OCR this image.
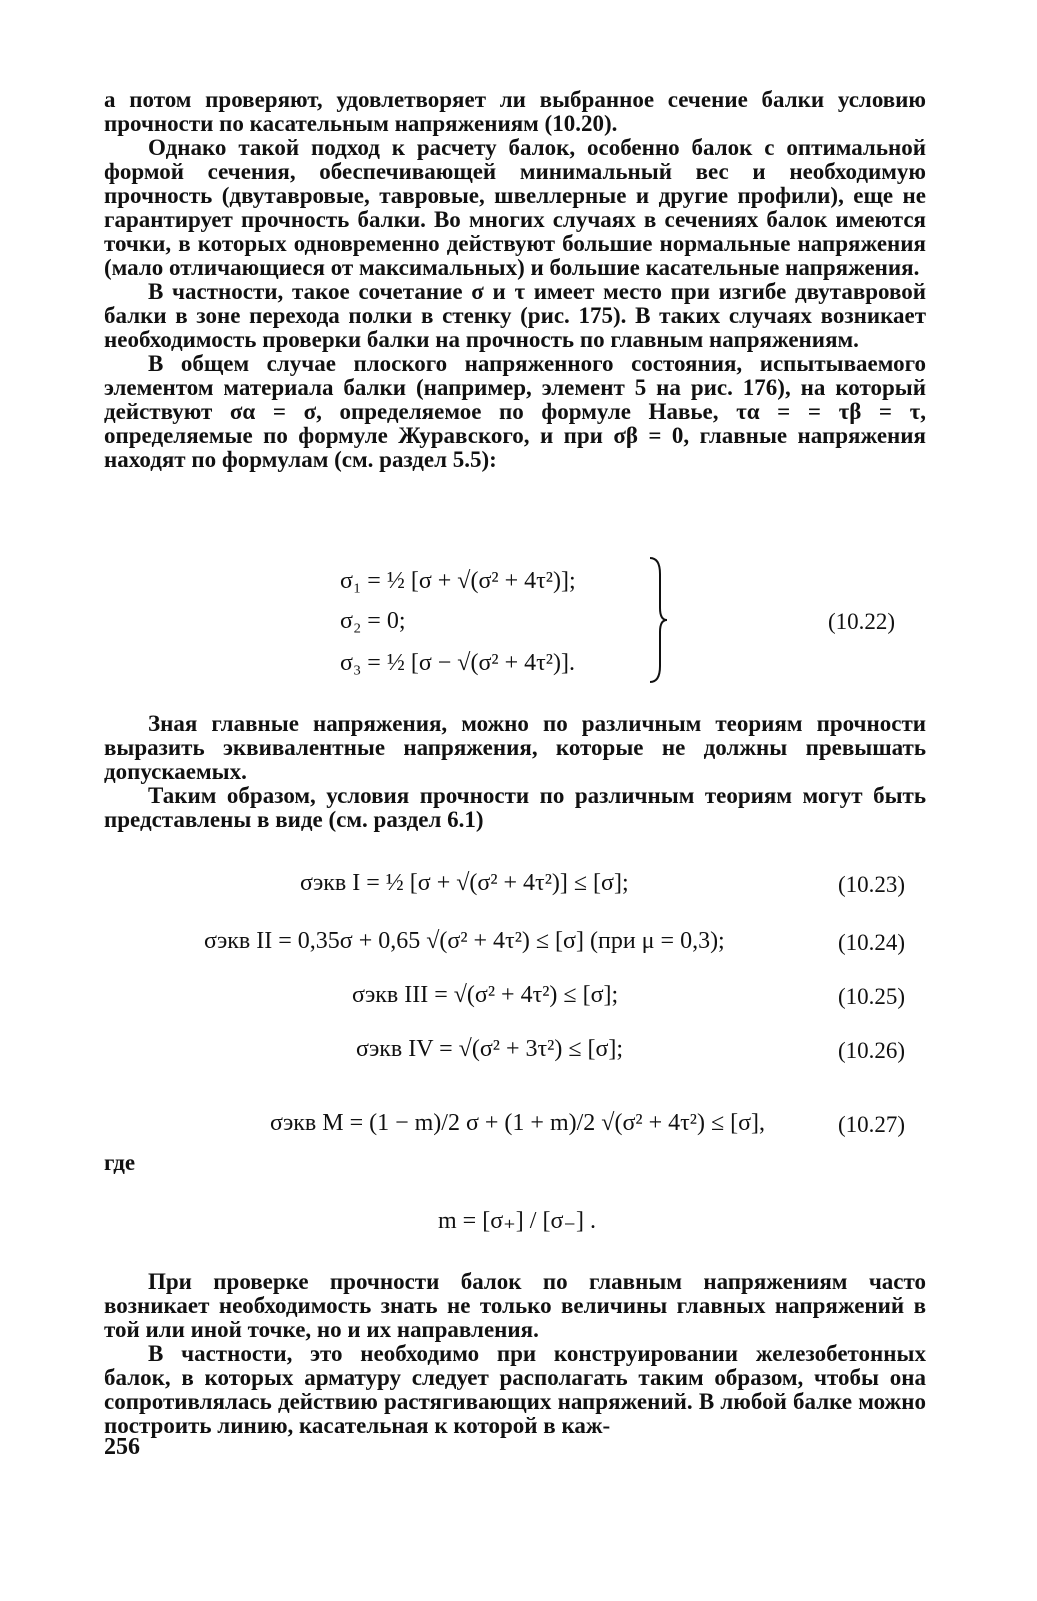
а потом проверяют, удовлетворяет ли выбранное сечение балки условию прочности по касательным напряжениям (10.20).

Однако такой подход к расчету балок, особенно балок с оптимальной формой сечения, обеспечивающей минимальный вес и необходимую прочность (двутавровые, тавровые, швеллерные и другие профили), еще не гарантирует прочность балки. Во многих случаях в сечениях балок имеются точки, в которых одновременно действуют большие нормальные напряжения (мало отличающиеся от максимальных) и большие касательные напряжения.

В частности, такое сочетание σ и τ имеет место при изгибе двутавровой балки в зоне перехода полки в стенку (рис. 175). В таких случаях возникает необходимость проверки балки на прочность по главным напряжениям.

В общем случае плоского напряженного состояния, испытываемого элементом материала балки (например, элемент 5 на рис. 176), на который действуют σα = σ, определяемое по формуле Навье, τα = = τβ = τ, определяемые по формуле Журавского, и при σβ = 0, главные напряжения находят по формулам (см. раздел 5.5):

σ₁ = ½ [σ + √(σ² + 4τ²)];
σ₂ = 0;
σ₃ = ½ [σ − √(σ² + 4τ²)].
(10.22)

Зная главные напряжения, можно по различным теориям прочности выразить эквивалентные напряжения, которые не должны превышать допускаемых.

Таким образом, условия прочности по различным теориям могут быть представлены в виде (см. раздел 6.1)

σэкв I = ½ [σ + √(σ² + 4τ²)] ≤ [σ];	(10.23)
σэкв II = 0,35σ + 0,65 √(σ² + 4τ²) ≤ [σ] (при μ = 0,3);	(10.24)
σэкв III = √(σ² + 4τ²) ≤ [σ];	(10.25)
σэкв IV = √(σ² + 3τ²) ≤ [σ];	(10.26)
σэкв M = (1 − m)/2 σ + (1 + m)/2 √(σ² + 4τ²) ≤ [σ],	(10.27)
где
m = [σ₊] / [σ₋] .

При проверке прочности балок по главным напряжениям часто возникает необходимость знать не только величины главных напряжений в той или иной точке, но и их направления.

В частности, это необходимо при конструировании железобетонных балок, в которых арматуру следует располагать таким образом, чтобы она сопротивлялась действию растягивающих напряжений. В любой балке можно построить линию, касательная к которой в каж-

256
